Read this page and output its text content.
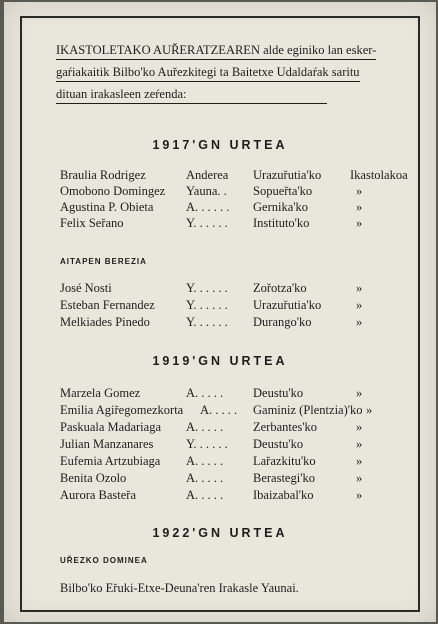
IKASTOLETAKO AUŘERATZEAREN alde eginiko lan esker-
gaŕiakaitik Bilbo'ko Auřezkitegi ta Baitetxe Udaldaŕak saritu
dituan irakasleen zeŕenda:
1917'GN URTEA
Braulia Rodrigez	Anderea Urazuřutia'ko Ikastolakoa
Omobono Domingez Yauna. . Sopueřta'ko	»
Agustina P. Obieta	A. . . . . . Gernika'ko	»
Felix Seřano	Y. . . . . . Instituto'ko	»
AITAPEN BEREZIA
José Nosti	Y. . . . . . Zořotza'ko	»
Esteban Fernandez Y. . . . . . Urazuřutia'ko	»
Melkiades Pinedo	Y. . . . . . Durango'ko	»
1919'GN URTEA
Marzela Gomez	A. . . . . Deustu'ko	»
Emilia Agiřegomezkorta A. . . . . Gaminiz (Plentzia)'ko »
Paskuala Madariaga A. . . . . Zerbantes'ko	»
Julian Manzanares	Y. . . . . . Deustu'ko	»
Eufemia Artzubiaga A. . . . . Lařazkitu'ko	»
Benita Ozolo	A. . . . . Berastegi'ko	»
Aurora Basteřa	A. . . . . Ibaizabal'ko	»
1922'GN URTEA
UŘEZKO DOMINEA
Bilbo'ko Eřuki-Etxe-Deuna'ren Irakasle Yaunai.
